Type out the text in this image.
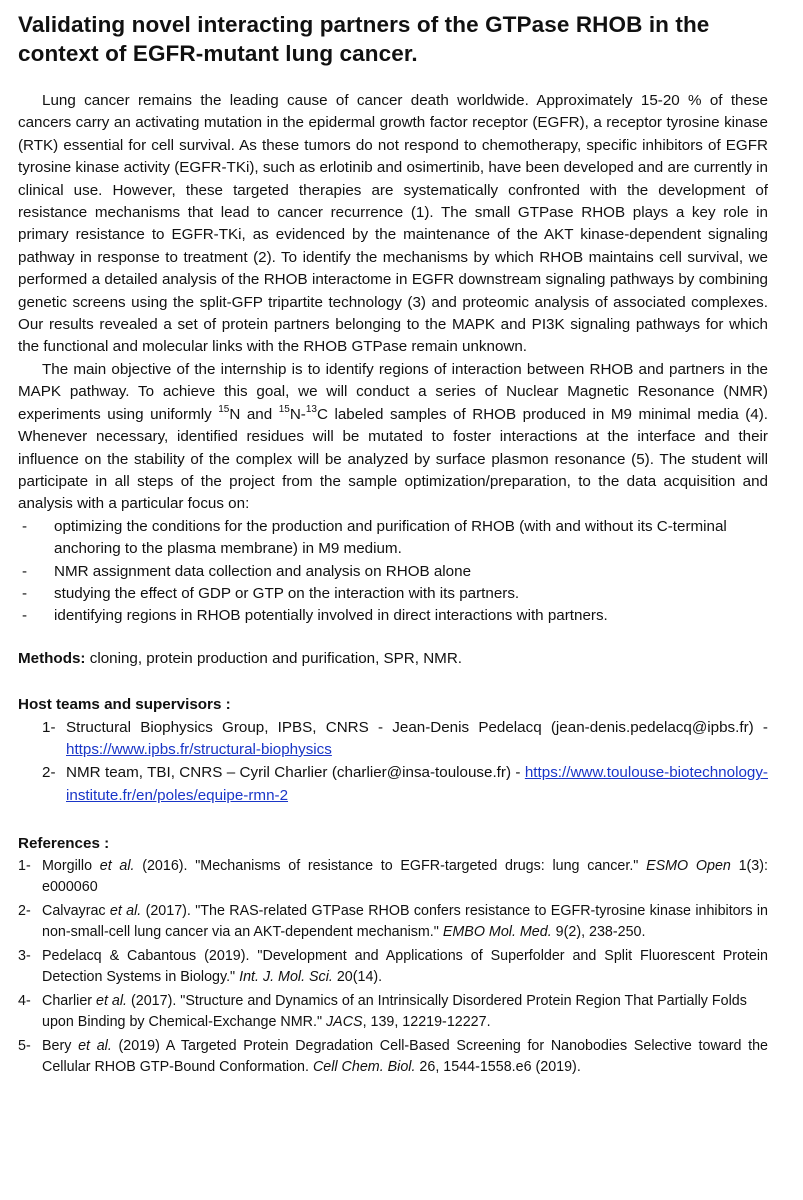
Validating novel interacting partners of the GTPase RHOB in the context of EGFR-mutant lung cancer.

Lung cancer remains the leading cause of cancer death worldwide. Approximately 15-20 % of these cancers carry an activating mutation in the epidermal growth factor receptor (EGFR), a receptor tyrosine kinase (RTK) essential for cell survival. As these tumors do not respond to chemotherapy, specific inhibitors of EGFR tyrosine kinase activity (EGFR-TKi), such as erlotinib and osimertinib, have been developed and are currently in clinical use. However, these targeted therapies are systematically confronted with the development of resistance mechanisms that lead to cancer recurrence (1). The small GTPase RHOB plays a key role in primary resistance to EGFR-TKi, as evidenced by the maintenance of the AKT kinase-dependent signaling pathway in response to treatment (2). To identify the mechanisms by which RHOB maintains cell survival, we performed a detailed analysis of the RHOB interactome in EGFR downstream signaling pathways by combining genetic screens using the split-GFP tripartite technology (3) and proteomic analysis of associated complexes. Our results revealed a set of protein partners belonging to the MAPK and PI3K signaling pathways for which the functional and molecular links with the RHOB GTPase remain unknown.

The main objective of the internship is to identify regions of interaction between RHOB and partners in the MAPK pathway. To achieve this goal, we will conduct a series of Nuclear Magnetic Resonance (NMR) experiments using uniformly $^{15}$N and $^{15}$N-$^{13}$C labeled samples of RHOB produced in M9 minimal media (4). Whenever necessary, identified residues will be mutated to foster interactions at the interface and their influence on the stability of the complex will be analyzed by surface plasmon resonance (5). The student will participate in all steps of the project from the sample optimization/preparation, to the data acquisition and analysis with a particular focus on:

- optimizing the conditions for the production and purification of RHOB (with and without its C-terminal anchoring to the plasma membrane) in M9 medium.
- NMR assignment data collection and analysis on RHOB alone
- studying the effect of GDP or GTP on the interaction with its partners.
- identifying regions in RHOB potentially involved in direct interactions with partners.
Methods: cloning, protein production and purification, SPR, NMR.
Host teams and supervisors :
1- Structural Biophysics Group, IPBS, CNRS - Jean-Denis Pedelacq (jean-denis.pedelacq@ipbs.fr) - https://www.ipbs.fr/structural-biophysics
2- NMR team, TBI, CNRS – Cyril Charlier (charlier@insa-toulouse.fr) - https://www.toulouse-biotechnology-institute.fr/en/poles/equipe-rmn-2
References :
1- Morgillo et al. (2016). "Mechanisms of resistance to EGFR-targeted drugs: lung cancer." ESMO Open 1(3): e000060
2- Calvayrac et al. (2017). "The RAS-related GTPase RHOB confers resistance to EGFR-tyrosine kinase inhibitors in non-small-cell lung cancer via an AKT-dependent mechanism." EMBO Mol. Med. 9(2), 238-250.
3- Pedelacq & Cabantous (2019). "Development and Applications of Superfolder and Split Fluorescent Protein Detection Systems in Biology." Int. J. Mol. Sci. 20(14).
4- Charlier et al. (2017). "Structure and Dynamics of an Intrinsically Disordered Protein Region That Partially Folds upon Binding by Chemical-Exchange NMR." JACS, 139, 12219-12227.
5- Bery et al. (2019) A Targeted Protein Degradation Cell-Based Screening for Nanobodies Selective toward the Cellular RHOB GTP-Bound Conformation. Cell Chem. Biol. 26, 1544-1558.e6 (2019).
